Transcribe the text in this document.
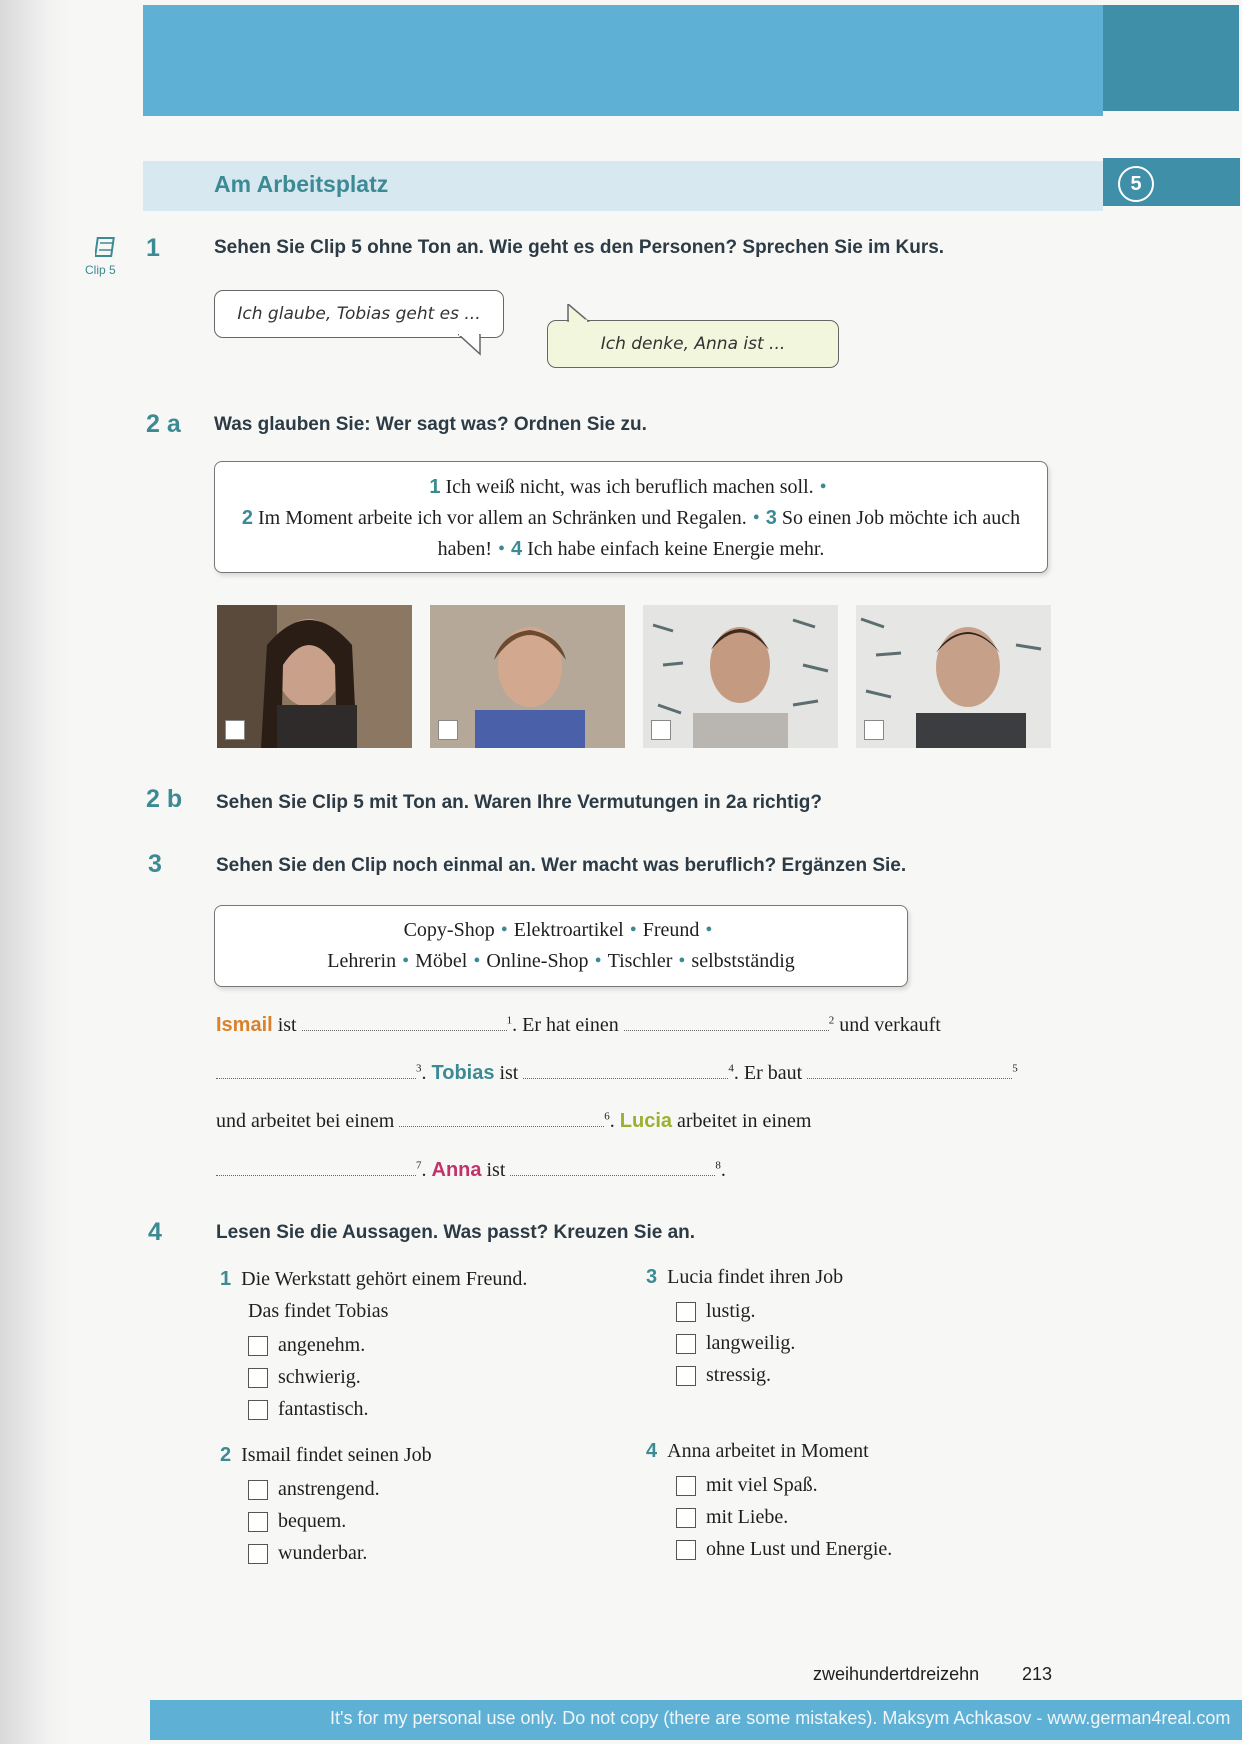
Am Arbeitsplatz	5
Clip 5
1	Sehen Sie Clip 5 ohne Ton an. Wie geht es den Personen? Sprechen Sie im Kurs.
Ich glaube, Tobias geht es ...
Ich denke, Anna ist ...
2 a Was glauben Sie: Wer sagt was? Ordnen Sie zu.
1 Ich weiß nicht, was ich beruflich machen soll. •
2 Im Moment arbeite ich vor allem an Schränken und Regalen. • 3 So einen Job möchte ich auch haben! • 4 Ich habe einfach keine Energie mehr.
2 b Sehen Sie Clip 5 mit Ton an. Waren Ihre Vermutungen in 2a richtig?
3	Sehen Sie den Clip noch einmal an. Wer macht was beruflich? Ergänzen Sie.
Copy-Shop • Elektroartikel • Freund •
Lehrerin • Möbel • Online-Shop • Tischler • selbstständig
Ismail ist	$^1$. Er hat einen	$^2$ und verkauft
$^3$. Tobias ist	$^4$. Er baut	$^5$
und arbeitet bei einem	$^6$. Lucia arbeitet in einem
$^7$. Anna ist	$^8$.
4	Lesen Sie die Aussagen. Was passt? Kreuzen Sie an.
1 Die Werkstatt gehört einem Freund.
Das findet Tobias
angenehm.
schwierig.
fantastisch.
2 Ismail findet seinen Job
anstrengend.
bequem.
wunderbar.
3 Lucia findet ihren Job
lustig.
langweilig.
stressig.
4 Anna arbeitet in Moment
mit viel Spaß.
mit Liebe.
ohne Lust und Energie.
zweihundertdreizehn 213
It's for my personal use only. Do not copy (there are some mistakes). Maksym Achkasov - www.german4real.com
